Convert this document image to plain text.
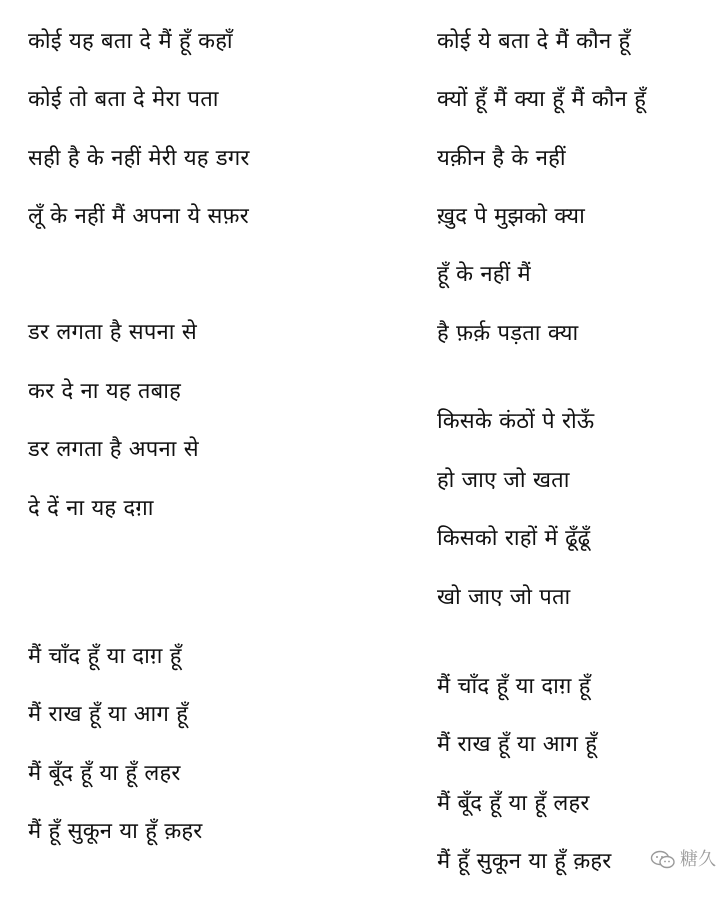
कोई यह बता दे मैं हूँ कहाँ
कोई तो बता दे मेरा पता
सही है के नहीं मेरी यह डगर
लूँ के नहीं मैं अपना ये सफ़र
डर लगता है सपना से
कर दे ना यह तबाह
डर लगता है अपना से
दे दें ना यह दग़ा
मैं चाँद हूँ या दाग़ हूँ
मैं राख हूँ या आग हूँ
मैं बूँद हूँ या हूँ लहर
मैं हूँ सुकून या हूँ क़हर
कोई ये बता दे मैं कौन हूँ
क्यों हूँ मैं क्या हूँ मैं कौन हूँ
यक़ीन है के नहीं
ख़ुद पे मुझको क्या
हूँ के नहीं मैं
है फ़र्क़ पड़ता क्या
किसके कंठों पे रोऊँ
हो जाए जो खता
किसको राहों में ढूँढूँ
खो जाए जो पता
मैं चाँद हूँ या दाग़ हूँ
मैं राख हूँ या आग हूँ
मैं बूँद हूँ या हूँ लहर
मैं हूँ सुकून या हूँ क़हर	糖久
